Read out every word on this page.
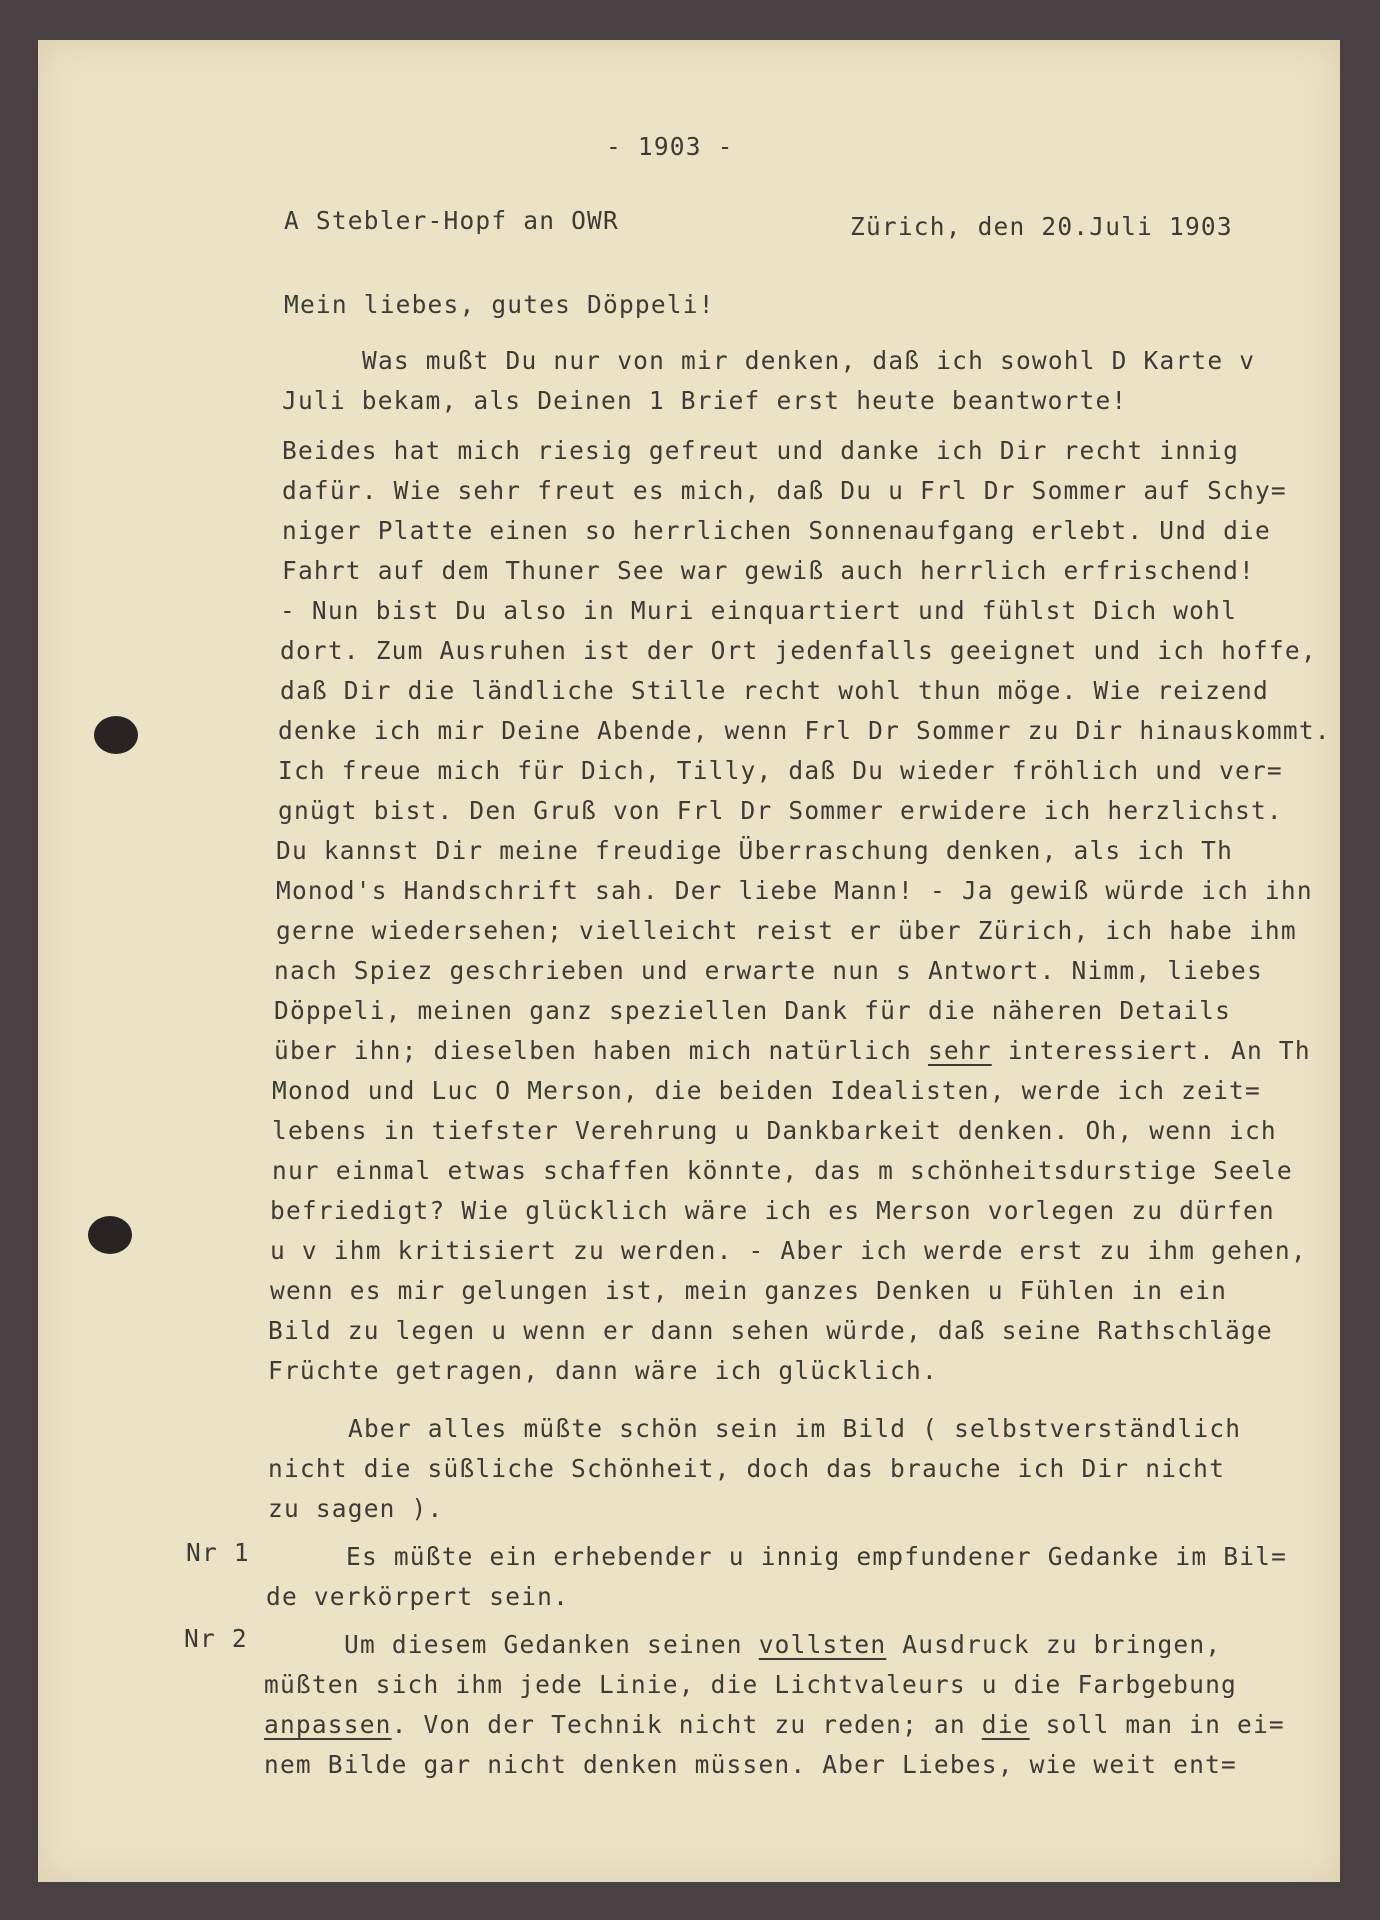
- 1903 -
A Stebler-Hopf an OWR	Zürich, den 20.Juli 1903
Mein liebes, gutes Döppeli!
Was mußt Du nur von mir denken, daß ich sowohl D Karte v
Juli bekam, als Deinen 1 Brief erst heute beantworte!
Beides hat mich riesig gefreut und danke ich Dir recht innig
dafür. Wie sehr freut es mich, daß Du u Frl Dr Sommer auf Schy=
niger Platte einen so herrlichen Sonnenaufgang erlebt. Und die
Fahrt auf dem Thuner See war gewiß auch herrlich erfrischend!
- Nun bist Du also in Muri einquartiert und fühlst Dich wohl
dort. Zum Ausruhen ist der Ort jedenfalls geeignet und ich hoffe,
daß Dir die ländliche Stille recht wohl thun möge. Wie reizend
denke ich mir Deine Abende, wenn Frl Dr Sommer zu Dir hinauskommt.
Ich freue mich für Dich, Tilly, daß Du wieder fröhlich und ver=
gnügt bist. Den Gruß von Frl Dr Sommer erwidere ich herzlichst.
Du kannst Dir meine freudige Überraschung denken, als ich Th
Monod's Handschrift sah. Der liebe Mann! - Ja gewiß würde ich ihn
gerne wiedersehen; vielleicht reist er über Zürich, ich habe ihm
nach Spiez geschrieben und erwarte nun s Antwort. Nimm, liebes
Döppeli, meinen ganz speziellen Dank für die näheren Details
über ihn; dieselben haben mich natürlich sehr interessiert. An Th
Monod und Luc O Merson, die beiden Idealisten, werde ich zeit=
lebens in tiefster Verehrung u Dankbarkeit denken. Oh, wenn ich
nur einmal etwas schaffen könnte, das m schönheitsdurstige Seele
befriedigt? Wie glücklich wäre ich es Merson vorlegen zu dürfen
u v ihm kritisiert zu werden. - Aber ich werde erst zu ihm gehen,
wenn es mir gelungen ist, mein ganzes Denken u Fühlen in ein
Bild zu legen u wenn er dann sehen würde, daß seine Rathschläge
Früchte getragen, dann wäre ich glücklich.
Aber alles müßte schön sein im Bild ( selbstverständlich
nicht die süßliche Schönheit, doch das brauche ich Dir nicht
zu sagen ).
Nr 1	Es müßte ein erhebender u innig empfundener Gedanke im Bil=
de verkörpert sein.
Nr 2	Um diesem Gedanken seinen vollsten Ausdruck zu bringen,
müßten sich ihm jede Linie, die Lichtvaleurs u die Farbgebung
anpassen. Von der Technik nicht zu reden; an die soll man in ei=
nem Bilde gar nicht denken müssen. Aber Liebes, wie weit ent=
